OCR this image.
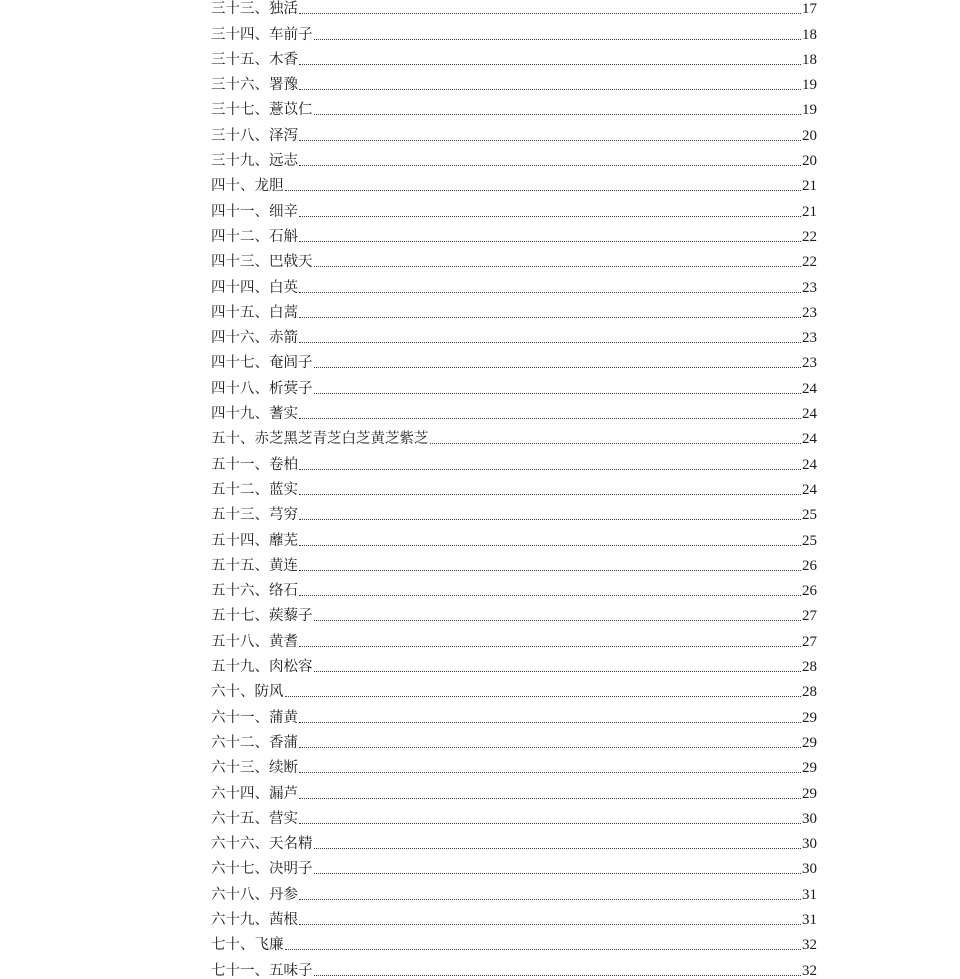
三十三、独活	17
三十四、车前子	18
三十五、木香	18
三十六、署豫	19
三十七、薏苡仁	19
三十八、泽泻	20
三十九、远志	20
四十、龙胆	21
四十一、细辛	21
四十二、石斛	22
四十三、巴戟天	22
四十四、白英	23
四十五、白蒿	23
四十六、赤箭	23
四十七、奄闾子	23
四十八、析蓂子	24
四十九、蓍实	24
五十、赤芝黑芝青芝白芝黄芝紫芝	24
五十一、卷柏	24
五十二、蓝实	24
五十三、芎穷	25
五十四、蘼芜	25
五十五、黄连	26
五十六、络石	26
五十七、蒺藜子	27
五十八、黄耆	27
五十九、肉松容	28
六十、防风	28
六十一、蒲黄	29
六十二、香蒲	29
六十三、续断	29
六十四、漏芦	29
六十五、营实	30
六十六、天名精	30
六十七、决明子	30
六十八、丹参	31
六十九、茜根	31
七十、飞廉	32
七十一、五味子	32
